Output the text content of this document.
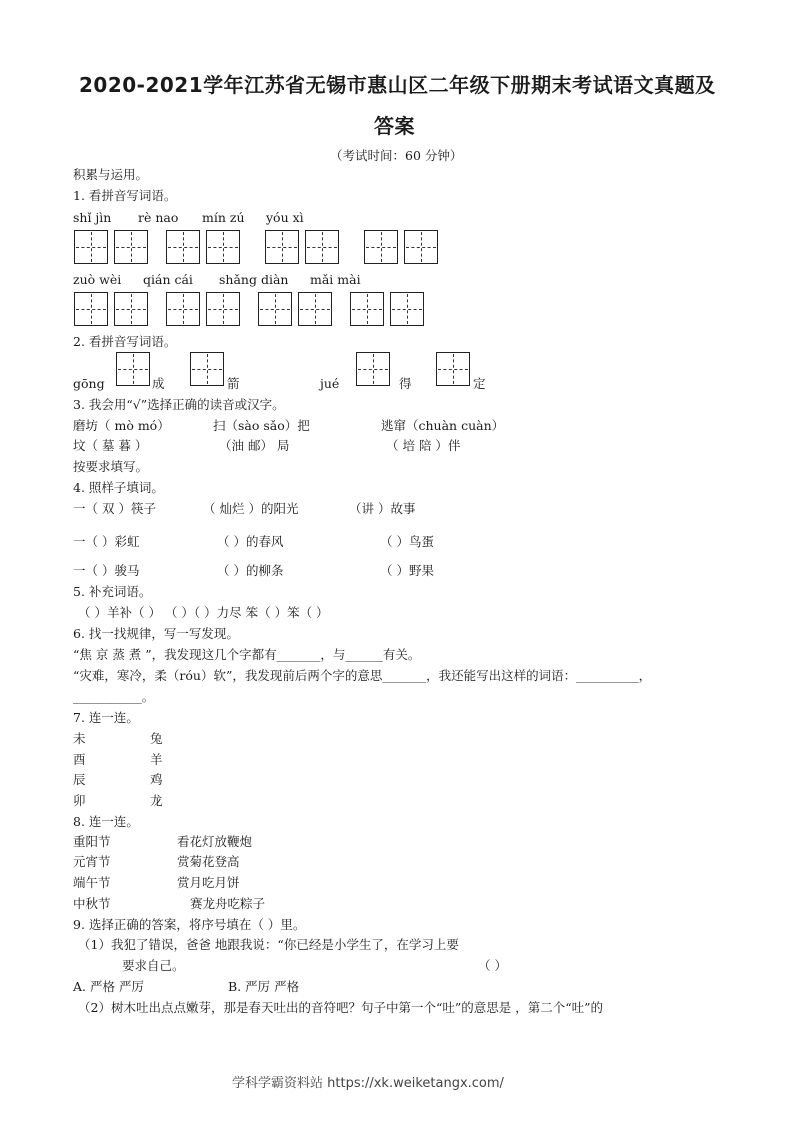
2020-2021学年江苏省无锡市惠山区二年级下册期末考试语文真题及
答案
（考试时间：60 分钟）
积累与运用。
1. 看拼音写词语。
shǐ jìn rè nao mín zú yóu xì
zuò wèi qián cái shǎng diàn mǎi mài
2. 看拼音写词语。
gōng	成	箭	jué	得	定
3. 我会用“√”选择正确的读音或汉字。
磨坊（ mò mó）	扫（sào sǎo）把	逃窜（chuàn cuàn）
坟（ 墓 暮 ）	（油 邮） 局	（ 培 陪 ）伴
按要求填写。
4. 照样子填词。
一（ 双 ）筷子	（ 灿烂 ）的阳光	（讲 ）故事
一（ ）彩虹	（ ）的春风	（ ）鸟蛋
一（ ）骏马	（ ）的柳条	（ ）野果
5. 补充词语。
（ ）羊补（ ） （ ）（ ）力尽 笨（ ）笨（ ）
6. 找一找规律，写一写发现。
“焦 京 蒸 煮 ”，我发现这几个字都有_______，与______有关。
“灾难，寒冷，柔（róu）软”，我发现前后两个字的意思_______，我还能写出这样的词语：__________，
___________。
7. 连一连。
未	兔
酉	羊
辰	鸡
卯	龙
8. 连一连。
重阳节	看花灯放鞭炮
元宵节	赏菊花登高
端午节	赏月吃月饼
中秋节	赛龙舟吃粽子
9. 选择正确的答案，将序号填在（ ）里。
（1）我犯了错误，爸爸 地跟我说：“你已经是小学生了，在学习上要
要求自己。	（ ）
A. 严格 严厉	B. 严厉 严格
（2）树木吐出点点嫩芽，那是春天吐出的音符吧？句子中第一个“吐”的意思是 ，第二个“吐”的
学科学霸资料站 https://xk.weiketangx.com/
